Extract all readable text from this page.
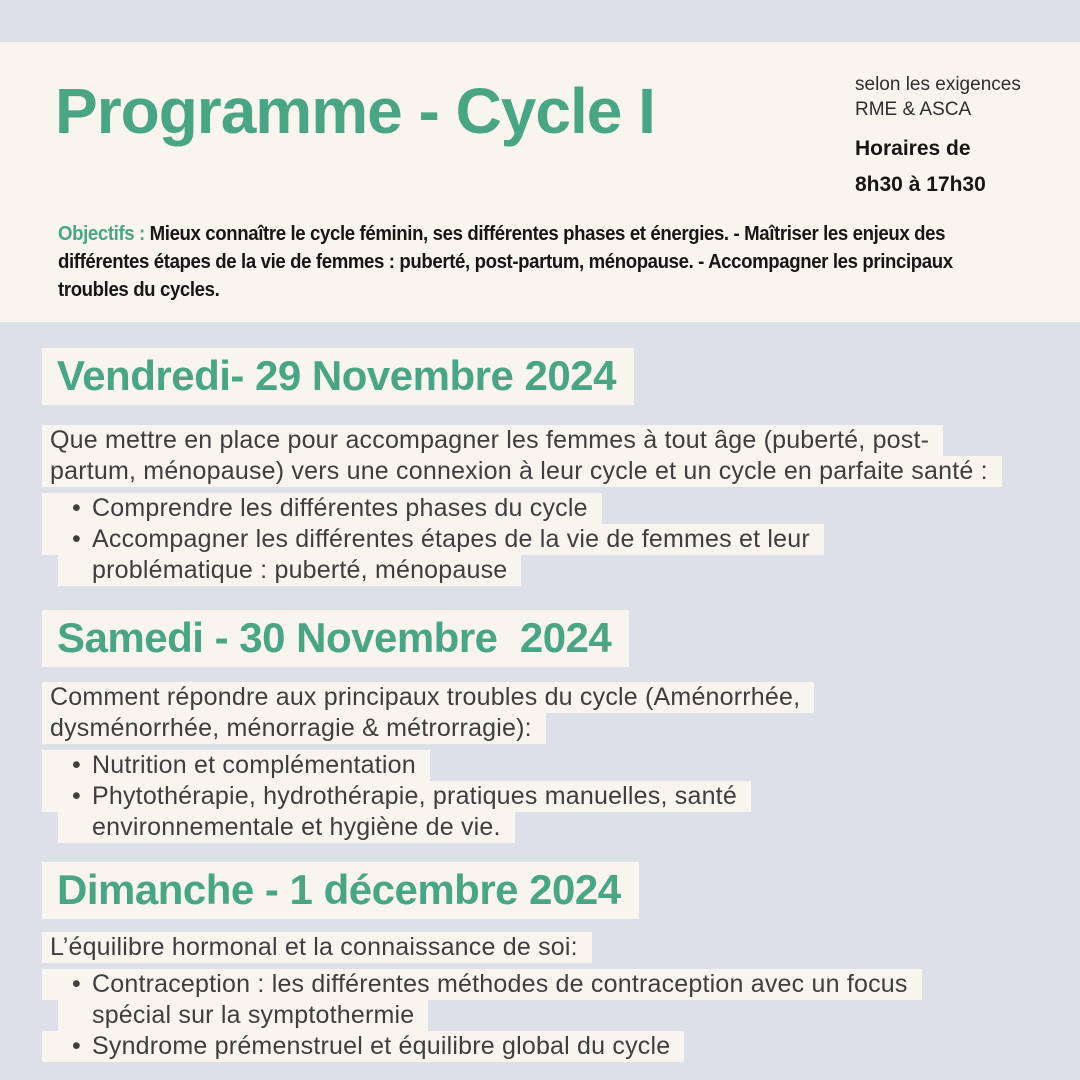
Programme - Cycle I	selon les exigences
RME & ASCA
Horaires de
8h30 à 17h30

Objectifs : Mieux connaître le cycle féminin, ses différentes phases et énergies. - Maîtriser les enjeux des différentes étapes de la vie de femmes : puberté, post-partum, ménopause. - Accompagner les principaux troubles du cycles.

Vendredi- 29 Novembre 2024
Que mettre en place pour accompagner les femmes à tout âge (puberté, post-
partum, ménopause) vers une connexion à leur cycle et un cycle en parfaite santé :
• Comprendre les différentes phases du cycle
• Accompagner les différentes étapes de la vie de femmes et leur
problématique : puberté, ménopause
Samedi - 30 Novembre  2024
Comment répondre aux principaux troubles du cycle (Aménorrhée,
dysménorrhée, ménorragie & métrorragie):
• Nutrition et complémentation
• Phytothérapie, hydrothérapie, pratiques manuelles, santé
environnementale et hygiène de vie.
Dimanche - 1 décembre 2024
L’équilibre hormonal et la connaissance de soi:
• Contraception : les différentes méthodes de contraception avec un focus
spécial sur la symptothermie
• Syndrome prémenstruel et équilibre global du cycle
